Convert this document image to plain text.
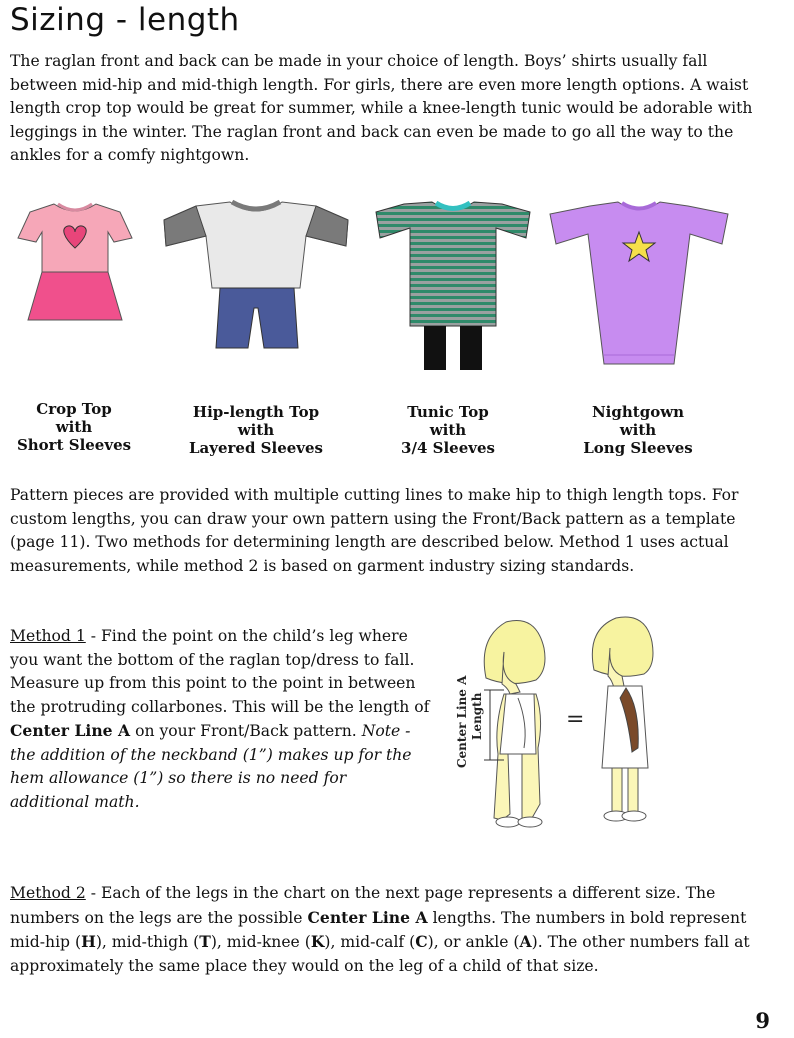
Sizing - length

The raglan front and back can be made in your choice of length. Boys’ shirts usually fall between mid-hip and mid-thigh length. For girls, there are even more length options. A waist length crop top would be great for summer, while a knee-length tunic would be adorable with leggings in the winter. The raglan front and back can even be made to go all the way to the ankles for a comfy nightgown.

Crop Top
with
Short Sleeves
Hip-length Top
with
Layered Sleeves
Tunic Top
with
3/4 Sleeves
Nightgown
with
Long Sleeves

Pattern pieces are provided with multiple cutting lines to make hip to thigh length tops. For custom lengths, you can draw your own pattern using the Front/Back pattern as a template (page 11). Two methods for determining length are described below. Method 1 uses actual measurements, while method 2 is based on garment industry sizing standards.

Method 1 - Find the point on the child’s leg where you want the bottom of the raglan top/dress to fall. Measure up from this point to the point in between the protruding collarbones. This will be the length of Center Line A on your Front/Back pattern. Note - the addition of the neckband (1”) makes up for the hem allowance (1”) so there is no need for additional math.

Center Line A Length	=

Method 2 - Each of the legs in the chart on the next page represents a different size. The numbers on the legs are the possible Center Line A lengths. The numbers in bold represent mid-hip (H), mid-thigh (T), mid-knee (K), mid-calf (C), or ankle (A). The other numbers fall at approximately the same place they would on the leg of a child of that size.

9
